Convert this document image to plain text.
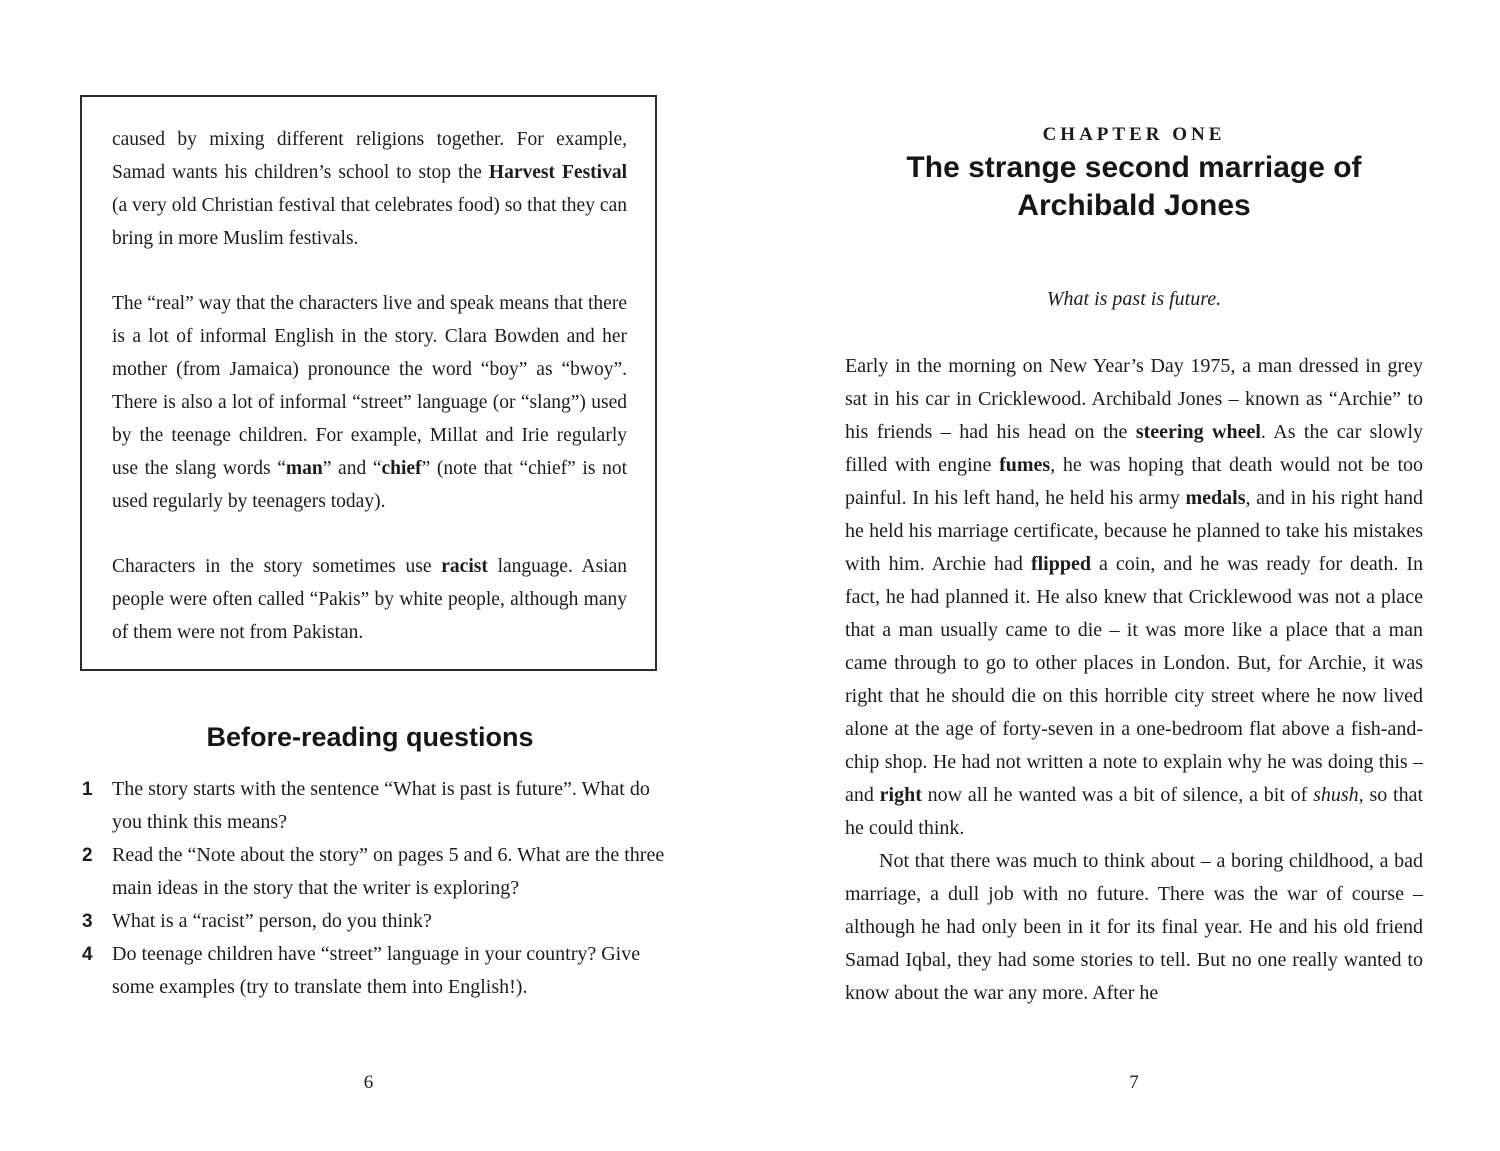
caused by mixing different religions together. For example, Samad wants his children’s school to stop the Harvest Festival (a very old Christian festival that celebrates food) so that they can bring in more Muslim festivals.

The “real” way that the characters live and speak means that there is a lot of informal English in the story. Clara Bowden and her mother (from Jamaica) pronounce the word “boy” as “bwoy”. There is also a lot of informal “street” language (or “slang”) used by the teenage children. For example, Millat and Irie regularly use the slang words “man” and “chief” (note that “chief” is not used regularly by teenagers today).

Characters in the story sometimes use racist language. Asian people were often called “Pakis” by white people, although many of them were not from Pakistan.

Before-reading questions
1 The story starts with the sentence “What is past is future”. What do you think this means?
2 Read the “Note about the story” on pages 5 and 6. What are the three main ideas in the story that the writer is exploring?
3 What is a “racist” person, do you think?
4 Do teenage children have “street” language in your country? Give some examples (try to translate them into English!).
6
CHAPTER ONE
The strange second marriage of Archibald Jones
What is past is future.

Early in the morning on New Year’s Day 1975, a man dressed in grey sat in his car in Cricklewood. Archibald Jones – known as “Archie” to his friends – had his head on the steering wheel. As the car slowly filled with engine fumes, he was hoping that death would not be too painful. In his left hand, he held his army medals, and in his right hand he held his marriage certificate, because he planned to take his mistakes with him. Archie had flipped a coin, and he was ready for death. In fact, he had planned it. He also knew that Cricklewood was not a place that a man usually came to die – it was more like a place that a man came through to go to other places in London. But, for Archie, it was right that he should die on this horrible city street where he now lived alone at the age of forty-seven in a one-bedroom flat above a fish-and-chip shop. He had not written a note to explain why he was doing this – and right now all he wanted was a bit of silence, a bit of shush, so that he could think.

Not that there was much to think about – a boring childhood, a bad marriage, a dull job with no future. There was the war of course – although he had only been in it for its final year. He and his old friend Samad Iqbal, they had some stories to tell. But no one really wanted to know about the war any more. After he

7
